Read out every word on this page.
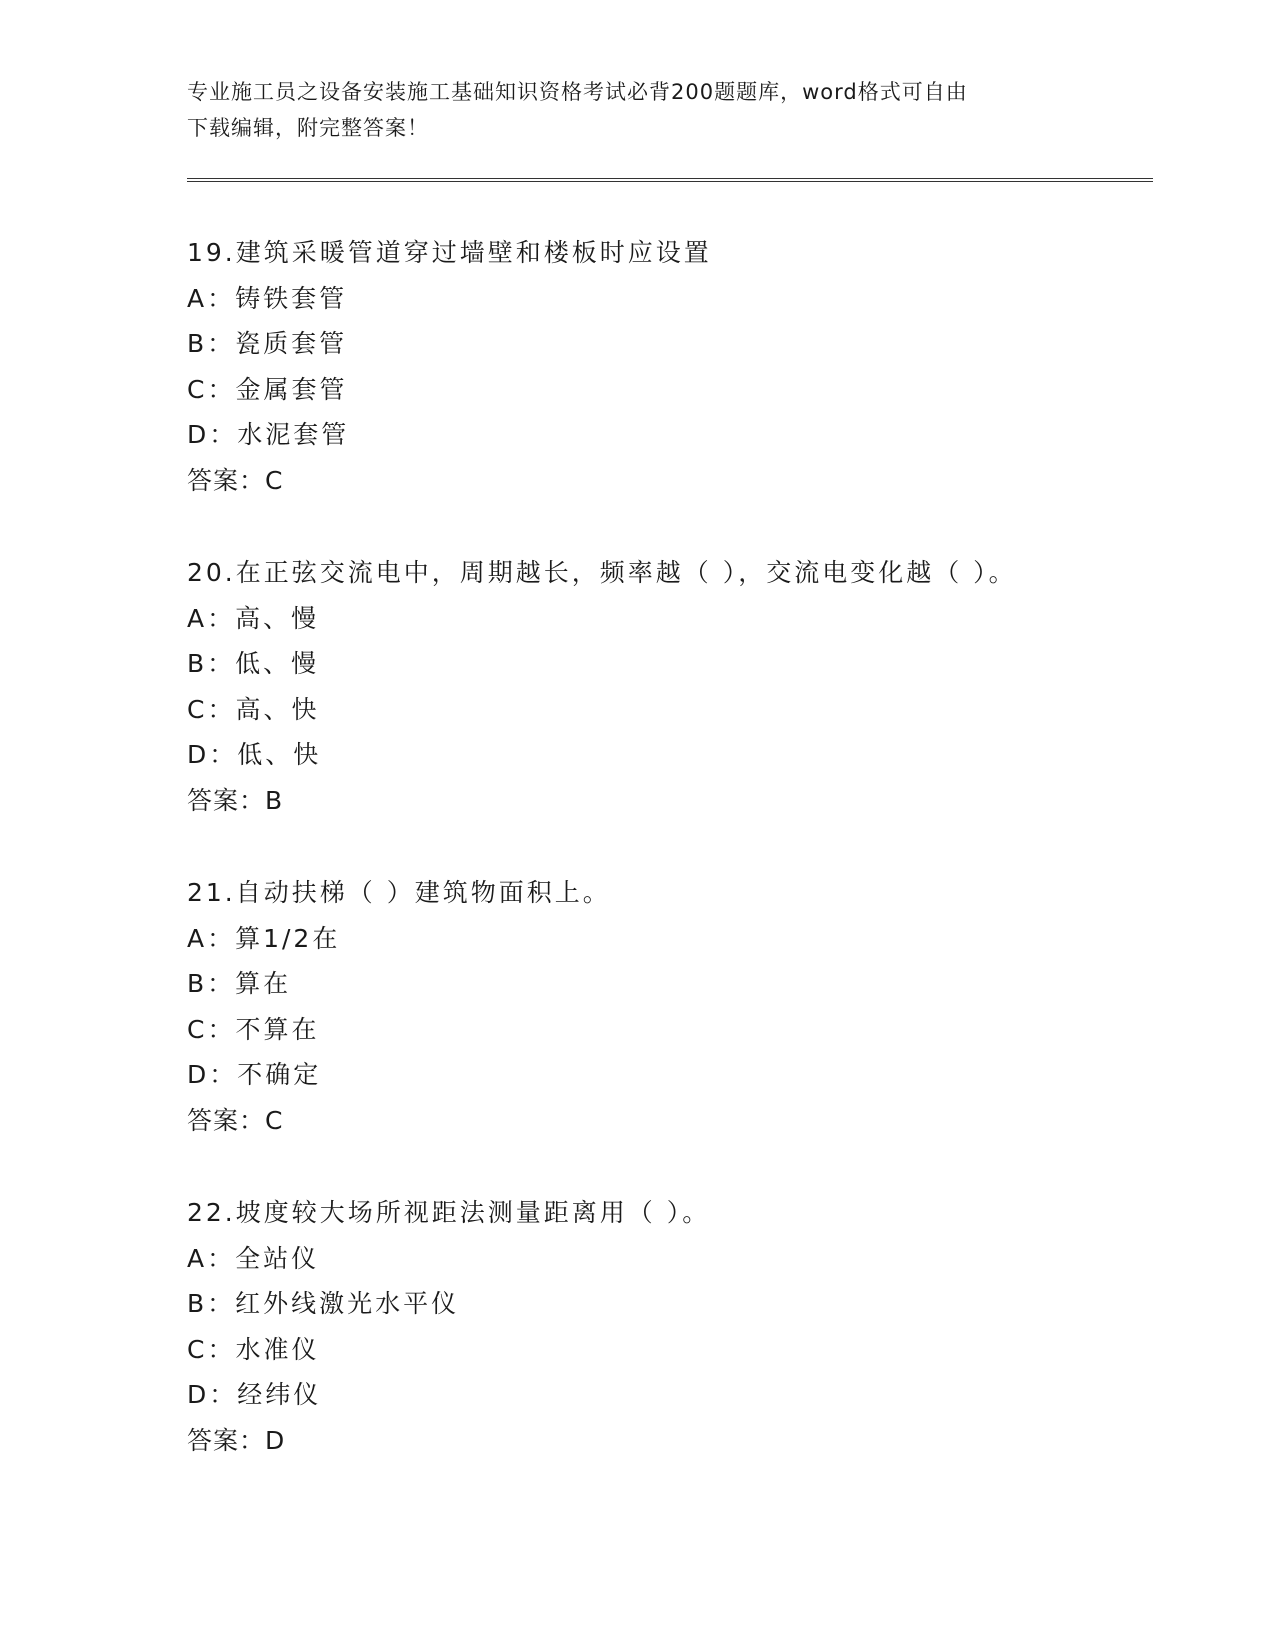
专业施工员之设备安装施工基础知识资格考试必背200题题库，word格式可自由
下载编辑，附完整答案！
19.建筑采暖管道穿过墙壁和楼板时应设置
A：铸铁套管
B：瓷质套管
C：金属套管
D：水泥套管
答案：C
20.在正弦交流电中，周期越长，频率越（ ），交流电变化越（ ）。
A：高、慢
B：低、慢
C：高、快
D：低、快
答案：B
21.自动扶梯（ ）建筑物面积上。
A：算1/2在
B：算在
C：不算在
D：不确定
答案：C
22.坡度较大场所视距法测量距离用（ ）。
A：全站仪
B：红外线激光水平仪
C：水准仪
D：经纬仪
答案：D
